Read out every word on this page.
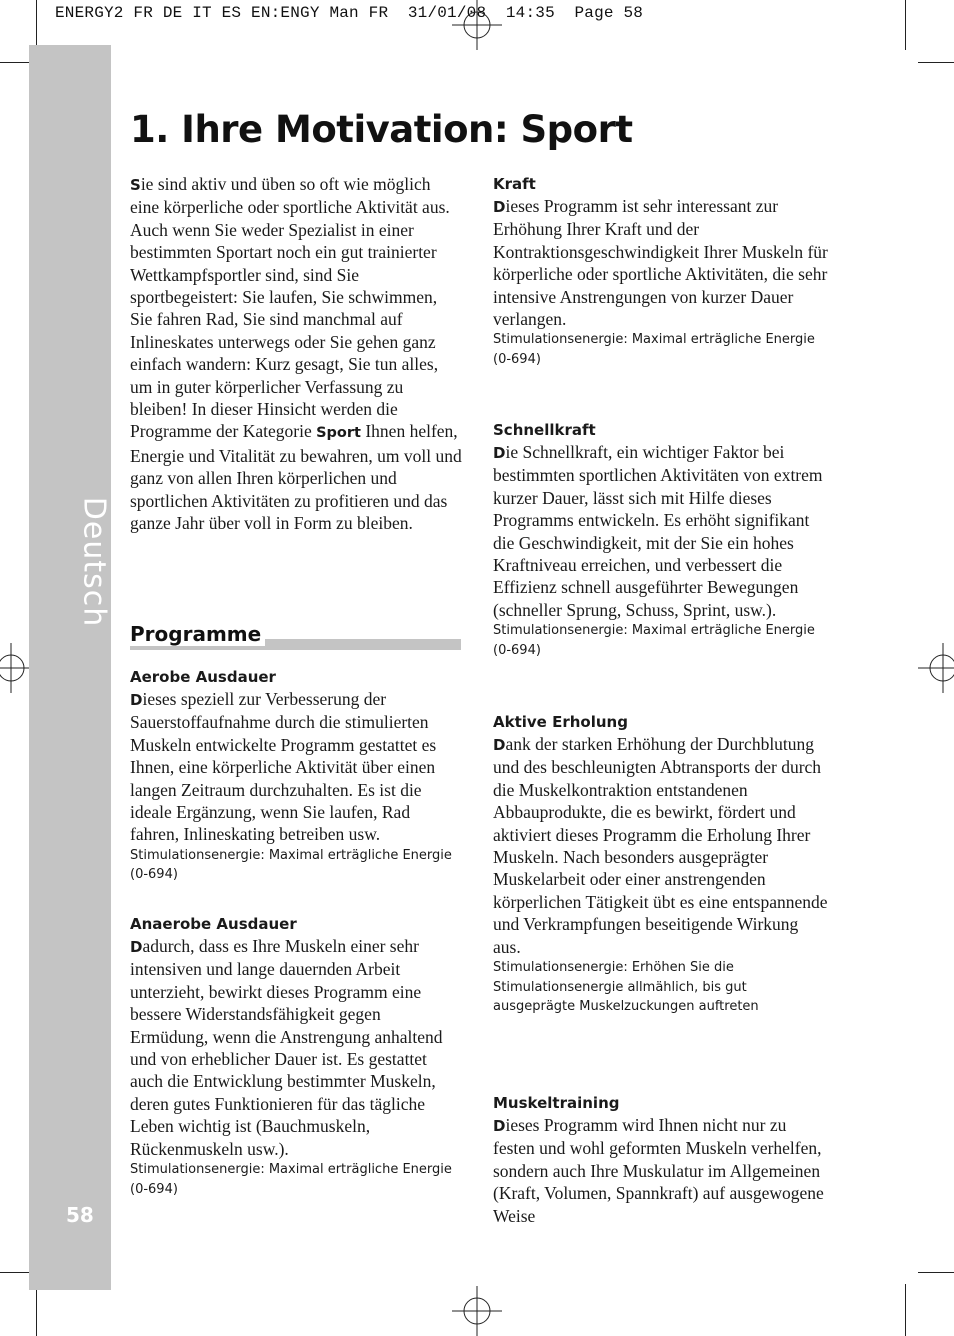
ENERGY2 FR DE IT ES EN:ENGY Man FR  31/01/08  14:35  Page 58
Deutsch
58
1. Ihre Motivation: Sport

Sie sind aktiv und üben so oft wie möglich eine körperliche oder sportliche Aktivität aus. Auch wenn Sie weder Spezialist in einer bestimmten Sportart noch ein gut trainierter Wettkampfsportler sind, sind Sie sportbegeistert: Sie laufen, Sie schwimmen, Sie fahren Rad, Sie sind manchmal auf Inlineskates unterwegs oder Sie gehen ganz einfach wandern: Kurz gesagt, Sie tun alles, um in guter körperlicher Verfassung zu bleiben! In dieser Hinsicht werden die Programme der Kategorie Sport Ihnen helfen, Energie und Vitalität zu bewahren, um voll und ganz von allen Ihren körperlichen und sportlichen Aktivitäten zu profitieren und das ganze Jahr über voll in Form zu bleiben.

Programme
Aerobe Ausdauer

Dieses speziell zur Verbesserung der Sauerstoffaufnahme durch die stimulierten Muskeln entwickelte Programm gestattet es Ihnen, eine körperliche Aktivität über einen langen Zeitraum durchzuhalten. Es ist die ideale Ergänzung, wenn Sie laufen, Rad fahren, Inlineskating betreiben usw.

Stimulationsenergie: Maximal erträgliche Energie (0-694)

Anaerobe Ausdauer

Dadurch, dass es Ihre Muskeln einer sehr intensiven und lange dauernden Arbeit unterzieht, bewirkt dieses Programm eine bessere Widerstandsfähigkeit gegen Ermüdung, wenn die Anstrengung anhaltend und von erheblicher Dauer ist. Es gestattet auch die Entwicklung bestimmter Muskeln, deren gutes Funktionieren für das tägliche Leben wichtig ist (Bauchmuskeln, Rückenmuskeln usw.).

Stimulationsenergie: Maximal erträgliche Energie (0-694)

Kraft

Dieses Programm ist sehr interessant zur Erhöhung Ihrer Kraft und der Kontraktionsgeschwindigkeit Ihrer Muskeln für körperliche oder sportliche Aktivitäten, die sehr intensive Anstrengungen von kurzer Dauer verlangen.

Stimulationsenergie: Maximal erträgliche Energie (0-694)

Schnellkraft

Die Schnellkraft, ein wichtiger Faktor bei bestimmten sportlichen Aktivitäten von extrem kurzer Dauer, lässt sich mit Hilfe dieses Programms entwickeln. Es erhöht signifikant die Geschwindigkeit, mit der Sie ein hohes Kraftniveau erreichen, und verbessert die Effizienz schnell ausgeführter Bewegungen (schneller Sprung, Schuss, Sprint, usw.).

Stimulationsenergie: Maximal erträgliche Energie (0-694)

Aktive Erholung

Dank der starken Erhöhung der Durchblutung und des beschleunigten Abtransports der durch die Muskelkontraktion entstandenen Abbauprodukte, die es bewirkt, fördert und aktiviert dieses Programm die Erholung Ihrer Muskeln. Nach besonders ausgeprägter Muskelarbeit oder einer anstrengenden körperlichen Tätigkeit übt es eine entspannende und Verkrampfungen beseitigende Wirkung aus.

Stimulationsenergie: Erhöhen Sie die Stimulationsenergie allmählich, bis gut ausgeprägte Muskelzuckungen auftreten

Muskeltraining

Dieses Programm wird Ihnen nicht nur zu festen und wohl geformten Muskeln verhelfen, sondern auch Ihre Muskulatur im Allgemeinen (Kraft, Volumen, Spannkraft) auf ausgewogene Weise
